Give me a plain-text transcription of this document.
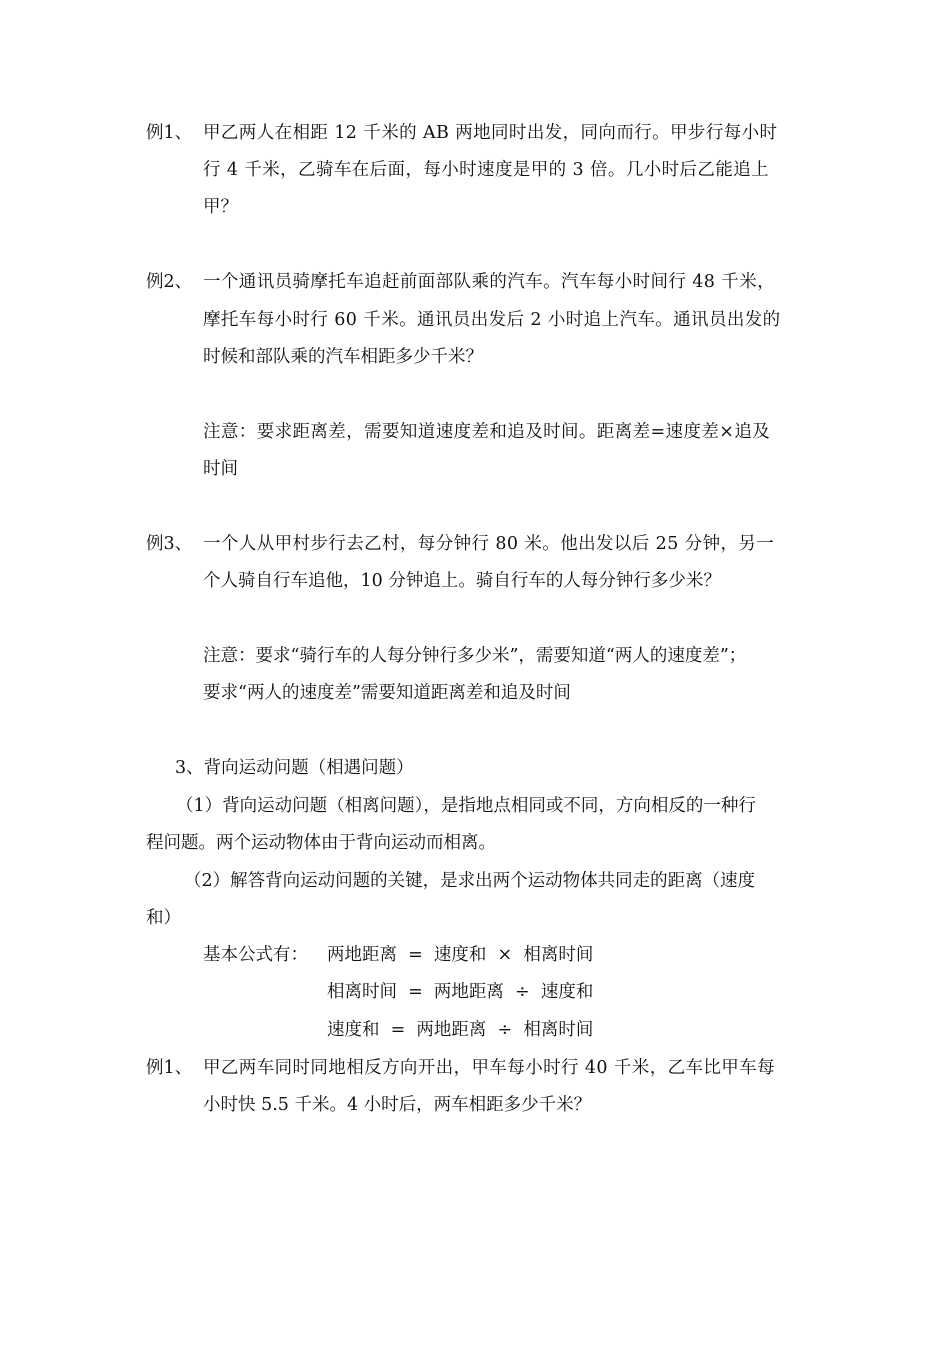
例1、 甲乙两人在相距 12 千米的 AB 两地同时出发，同向而行。甲步行每小时
行 4 千米，乙骑车在后面，每小时速度是甲的 3 倍。几小时后乙能追上
甲？
例2、 一个通讯员骑摩托车追赶前面部队乘的汽车。汽车每小时间行 48 千米，
摩托车每小时行 60 千米。通讯员出发后 2 小时追上汽车。通讯员出发的
时候和部队乘的汽车相距多少千米？
注意：要求距离差，需要知道速度差和追及时间。距离差=速度差×追及
时间
例3、 一个人从甲村步行去乙村，每分钟行 80 米。他出发以后 25 分钟，另一
个人骑自行车追他，10 分钟追上。骑自行车的人每分钟行多少米？
注意：要求“骑行车的人每分钟行多少米”，需要知道“两人的速度差”；
要求“两人的速度差”需要知道距离差和追及时间
3、背向运动问题（相遇问题）
（1）背向运动问题（相离问题），是指地点相同或不同，方向相反的一种行
程问题。两个运动物体由于背向运动而相离。
（2）解答背向运动问题的关键，是求出两个运动物体共同走的距离（速度
和）
基本公式有： 两地距离  =  速度和  ×  相离时间
相离时间  =  两地距离  ÷  速度和
速度和  =  两地距离  ÷  相离时间
例1、 甲乙两车同时同地相反方向开出，甲车每小时行 40 千米，乙车比甲车每
小时快 5.5 千米。4 小时后，两车相距多少千米？
